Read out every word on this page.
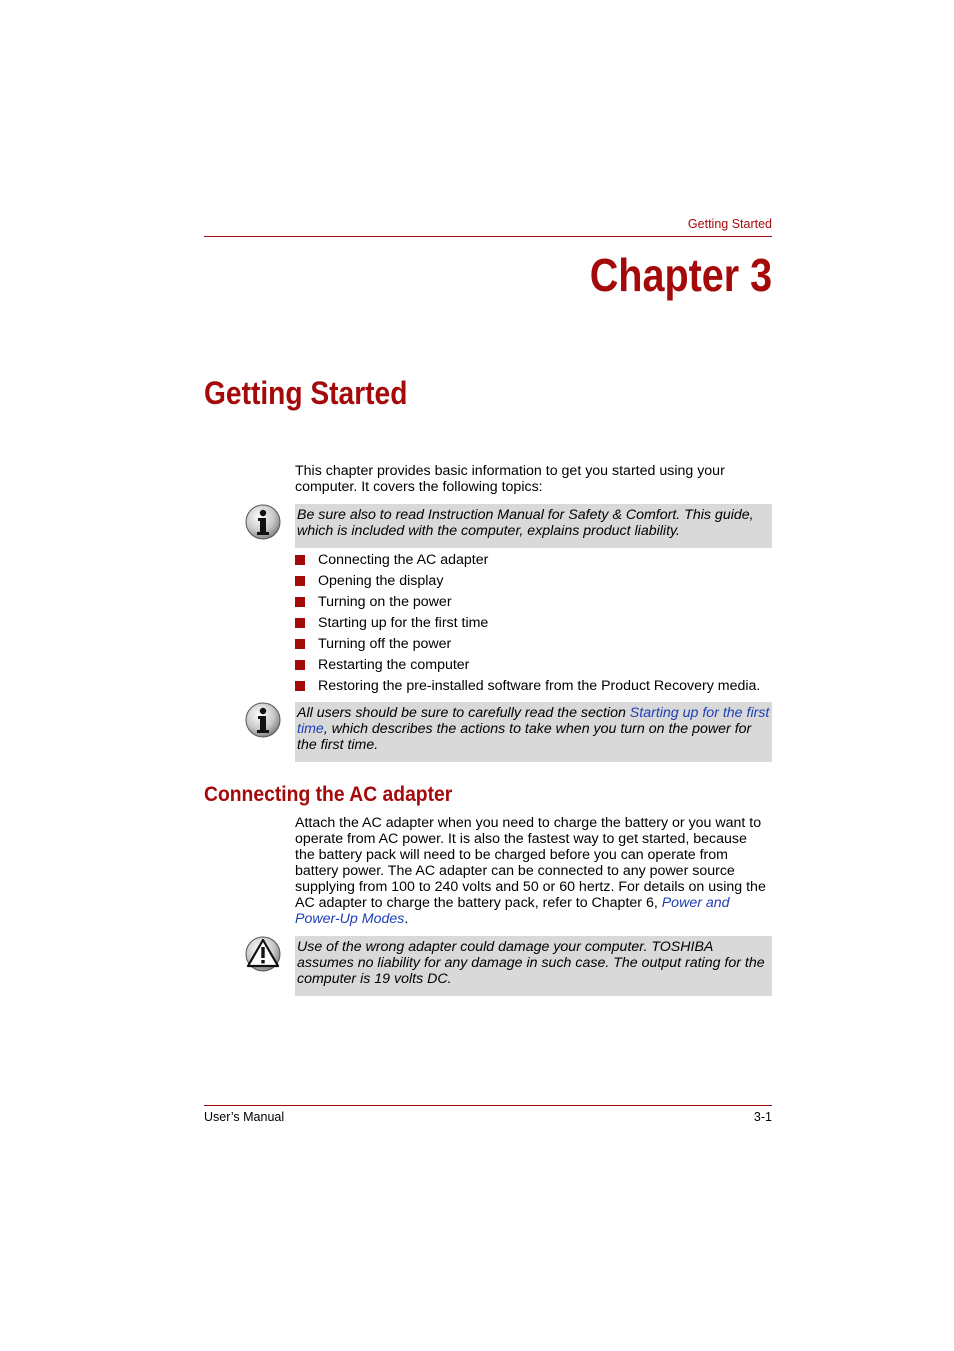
Getting Started
Chapter 3
Getting Started
This chapter provides basic information to get you started using your
computer. It covers the following topics:
Be sure also to read Instruction Manual for Safety & Comfort. This guide,
which is included with the computer, explains product liability.
Connecting the AC adapter
Opening the display
Turning on the power
Starting up for the first time
Turning off the power
Restarting the computer
Restoring the pre-installed software from the Product Recovery media.
All users should be sure to carefully read the section Starting up for the first
time, which describes the actions to take when you turn on the power for
the first time.
Connecting the AC adapter
Attach the AC adapter when you need to charge the battery or you want to
operate from AC power. It is also the fastest way to get started, because
the battery pack will need to be charged before you can operate from
battery power. The AC adapter can be connected to any power source
supplying from 100 to 240 volts and 50 or 60 hertz. For details on using the
AC adapter to charge the battery pack, refer to Chapter 6, Power and
Power-Up Modes.
Use of the wrong adapter could damage your computer. TOSHIBA
assumes no liability for any damage in such case. The output rating for the
computer is 19 volts DC.
User’s Manual	3-1
